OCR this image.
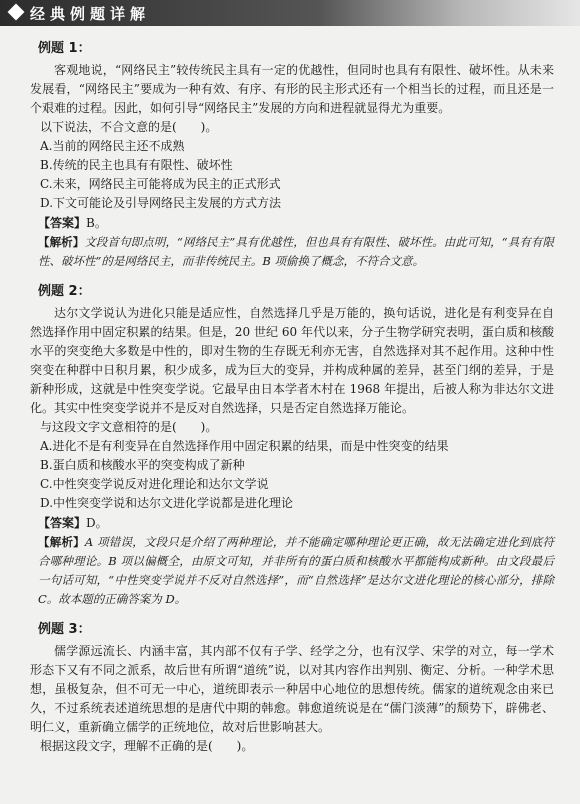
经典例题详解
例题 1：

客观地说，“网络民主”较传统民主具有一定的优越性，但同时也具有有限性、破坏性。从未来发展看，“网络民主”要成为一种有效、有序、有形的民主形式还有一个相当长的过程，而且还是一个艰难的过程。因此，如何引导“网络民主”发展的方向和进程就显得尤为重要。

以下说法，不合文意的是(　　)。

A.当前的网络民主还不成熟

B.传统的民主也具有有限性、破坏性

C.未来，网络民主可能将成为民主的正式形式

D.下文可能论及引导网络民主发展的方式方法

【答案】B。

【解析】文段首句即点明，“网络民主”具有优越性，但也具有有限性、破坏性。由此可知，“具有有限性、破坏性”的是网络民主，而非传统民主。B 项偷换了概念，不符合文意。

例题 2：

达尔文学说认为进化只能是适应性，自然选择几乎是万能的，换句话说，进化是有利变异在自然选择作用中固定积累的结果。但是，20 世纪 60 年代以来，分子生物学研究表明，蛋白质和核酸水平的突变绝大多数是中性的，即对生物的生存既无利亦无害，自然选择对其不起作用。这种中性突变在种群中日积月累，积少成多，成为巨大的变异，并构成种属的差异，甚至门纲的差异，于是新种形成，这就是中性突变学说。它最早由日本学者木村在 1968 年提出，后被人称为非达尔文进化。其实中性突变学说并不是反对自然选择，只是否定自然选择万能论。

与这段文字文意相符的是(　　)。

A.进化不是有利变异在自然选择作用中固定积累的结果，而是中性突变的结果

B.蛋白质和核酸水平的突变构成了新种

C.中性突变学说反对进化理论和达尔文学说

D.中性突变学说和达尔文进化学说都是进化理论

【答案】D。

【解析】A 项错误，文段只是介绍了两种理论，并不能确定哪种理论更正确，故无法确定进化到底符合哪种理论。B 项以偏概全，由原文可知，并非所有的蛋白质和核酸水平都能构成新种。由文段最后一句话可知，“中性突变学说并不反对自然选择”，而“自然选择”是达尔文进化理论的核心部分，排除 C。故本题的正确答案为 D。

例题 3：

儒学源远流长、内涵丰富，其内部不仅有子学、经学之分，也有汉学、宋学的对立，每一学术形态下又有不同之派系，故后世有所谓“道统”说，以对其内容作出判别、衡定、分析。一种学术思想，虽极复杂，但不可无一中心，道统即表示一种居中心地位的思想传统。儒家的道统观念由来已久，不过系统表述道统思想的是唐代中期的韩愈。韩愈道统说是在“儒门淡薄”的颓势下，辟佛老、明仁义，重新确立儒学的正统地位，故对后世影响甚大。

根据这段文字，理解不正确的是(　　)。
